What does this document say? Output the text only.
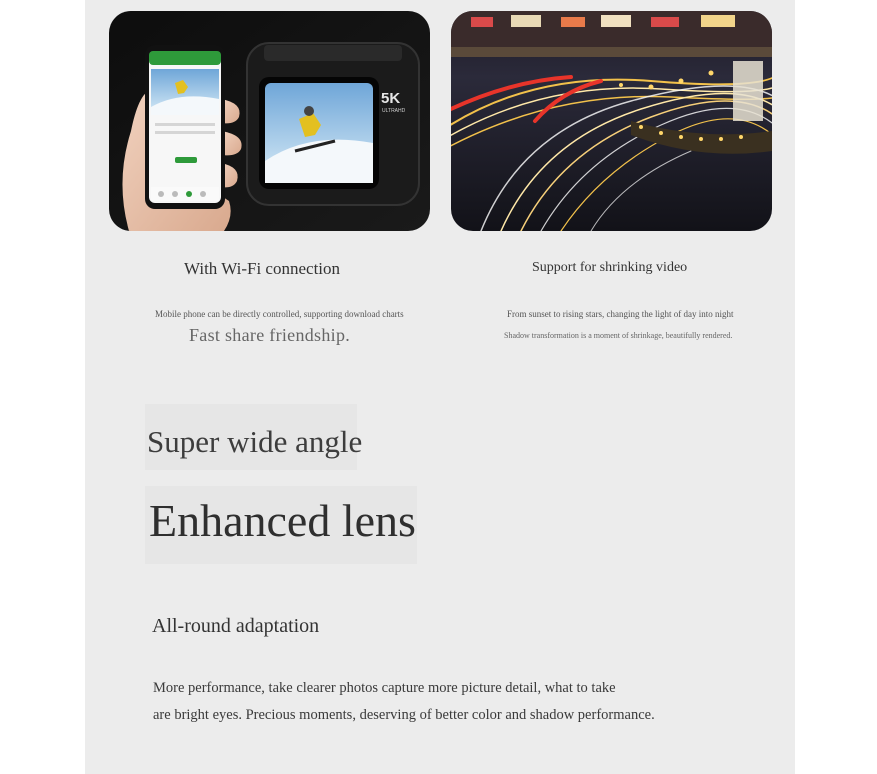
5K
ULTRAHD
With Wi-Fi connection
Mobile phone can be directly controlled, supporting download charts
Fast share friendship.
Support for shrinking video
From sunset to rising stars, changing the light of day into night
Shadow transformation is a moment of shrinkage, beautifully rendered.
Super wide angle
Enhanced lens
All-round adaptation
More performance, take clearer photos capture more picture detail, what to take
are bright eyes. Precious moments, deserving of better color and shadow performance.
